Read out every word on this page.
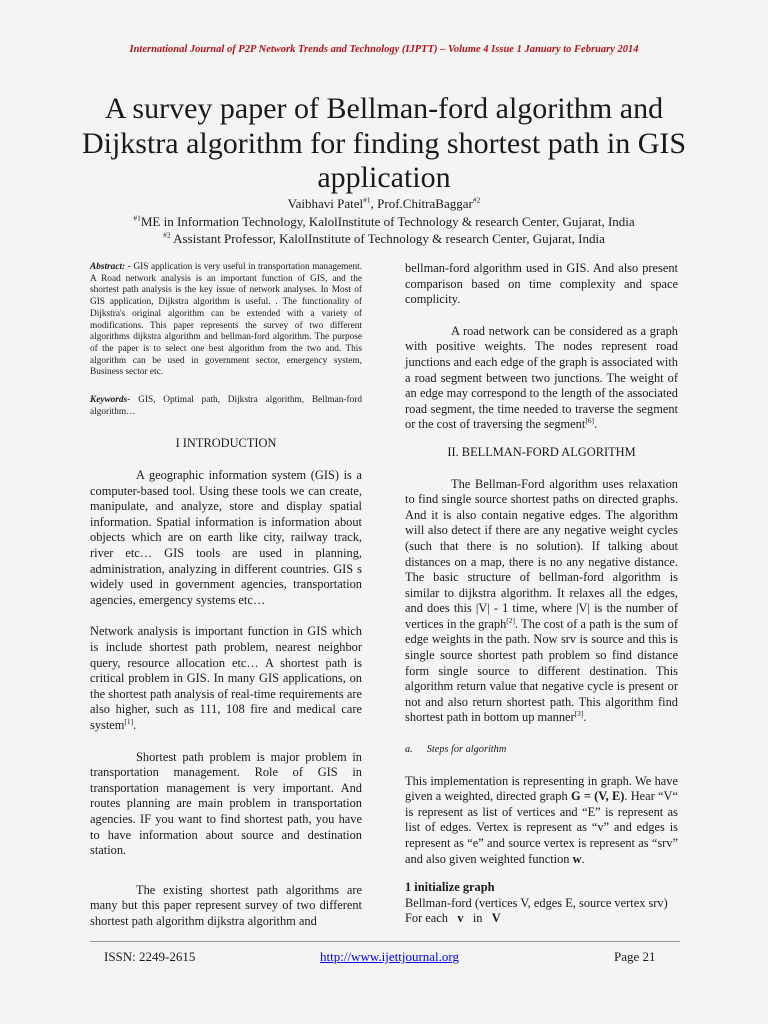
International Journal of P2P Network Trends and Technology (IJPTT) – Volume 4 Issue 1 January to February 2014
A survey paper of Bellman-ford algorithm and Dijkstra algorithm for finding shortest path in GIS application
Vaibhavi Patel$^{\#1}$, Prof.ChitraBaggar$^{\#2}$
$^{\#1}$ME in Information Technology, KalolInstitute of Technology & research Center, Gujarat, India
$^{\#2}$ Assistant Professor, KalolInstitute of Technology & research Center, Gujarat, India

Abstract: - GIS application is very useful in transportation management. A Road network analysis is an important function of GIS, and the shortest path analysis is the key issue of network analyses. In Most of GIS application, Dijkstra algorithm is useful. . The functionality of Dijkstra's original algorithm can be extended with a variety of modifications. This paper represents the survey of two different algorithms dijkstra algorithm and bellman-ford algorithm. The purpose of the paper is to select one best algorithm from the two and. This algorithm can be used in government sector, emergency system, Business sector etc.

Keywords- GIS, Optimal path, Dijkstra algorithm, Bellman-ford algorithm…

I INTRODUCTION

A geographic information system (GIS) is a computer-based tool. Using these tools we can create, manipulate, and analyze, store and display spatial information. Spatial information is information about objects which are on earth like city, railway track, river etc… GIS tools are used in planning, administration, analyzing in different countries. GIS s widely used in government agencies, transportation agencies, emergency systems etc…

Network analysis is important function in GIS which is include shortest path problem, nearest neighbor query, resource allocation etc… A shortest path is critical problem in GIS. In many GIS applications, on the shortest path analysis of real-time requirements are also higher, such as 111, 108 fire and medical care system[1].

Shortest path problem is major problem in transportation management. Role of GIS in transportation management is very important. And routes planning are main problem in transportation agencies. IF you want to find shortest path, you have to have information about source and destination station.

The existing shortest path algorithms are many but this paper represent survey of two different shortest path algorithm dijkstra algorithm and

bellman-ford algorithm used in GIS. And also present comparison based on time complexity and space complicity.

A road network can be considered as a graph with positive weights. The nodes represent road junctions and each edge of the graph is associated with a road segment between two junctions. The weight of an edge may correspond to the length of the associated road segment, the time needed to traverse the segment or the cost of traversing the segment[6].

II. BELLMAN-FORD ALGORITHM

The Bellman-Ford algorithm uses relaxation to find single source shortest paths on directed graphs. And it is also contain negative edges. The algorithm will also detect if there are any negative weight cycles (such that there is no solution). If talking about distances on a map, there is no any negative distance. The basic structure of bellman-ford algorithm is similar to dijkstra algorithm. It relaxes all the edges, and does this |V| - 1 time, where |V| is the number of vertices in the graph[2]. The cost of a path is the sum of edge weights in the path. Now srv is source and this is single source shortest path problem so find distance form single source to different destination. This algorithm return value that negative cycle is present or not and also return shortest path. This algorithm find shortest path in bottom up manner[3].

a. Steps for algorithm

This implementation is representing in graph. We have given a weighted, directed graph G = (V, E). Hear “V“ is represent as list of vertices and “E” is represent as list of edges. Vertex is represent as “v” and edges is represent as “e” and source vertex is represent as “srv” and also given weighted function w.

1 initialize graph

Bellman-ford (vertices V, edges E, source vertex srv)

For each v in V

ISSN: 2249-2615	http://www.ijettjournal.org	Page 21
